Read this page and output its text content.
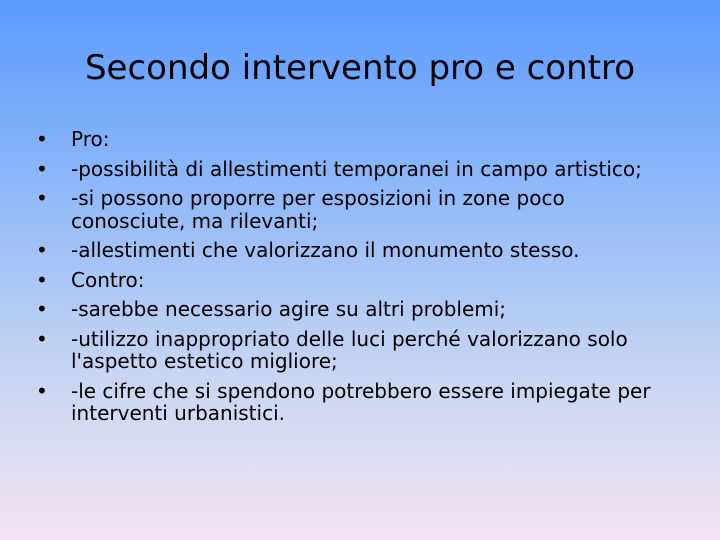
Secondo intervento pro e contro
•	Pro:
•	-possibilità di allestimenti temporanei in campo artistico;
•	-si possono proporre per esposizioni in zone poco conosciute, ma rilevanti;
•	-allestimenti che valorizzano il monumento stesso.
•	Contro:
•	-sarebbe necessario agire su altri problemi;
•	-utilizzo inappropriato delle luci perché valorizzano solo l'aspetto estetico migliore;
•	-le cifre che si spendono potrebbero essere impiegate per interventi urbanistici.
